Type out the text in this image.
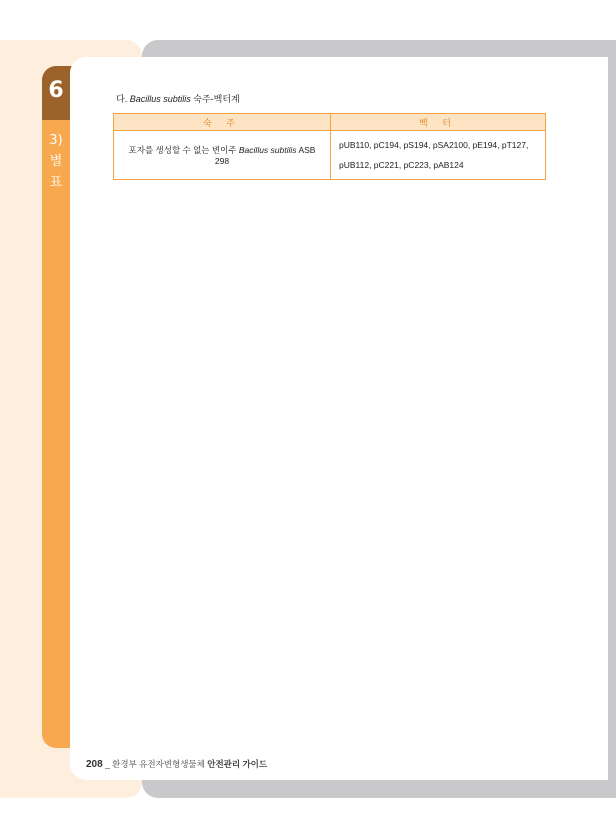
6
3)
별
표
다. Bacillus subtilis 숙주-벡터계
숙 주	벡 터
포자를 생성할 수 없는 변이주 Bacillus subtilis ASB 298	pUB110, pC194, pS194, pSA2100, pE194, pT127,
pUB112, pC221, pC223, pAB124
208 _ 환경부 유전자변형생물체 안전관리 가이드
